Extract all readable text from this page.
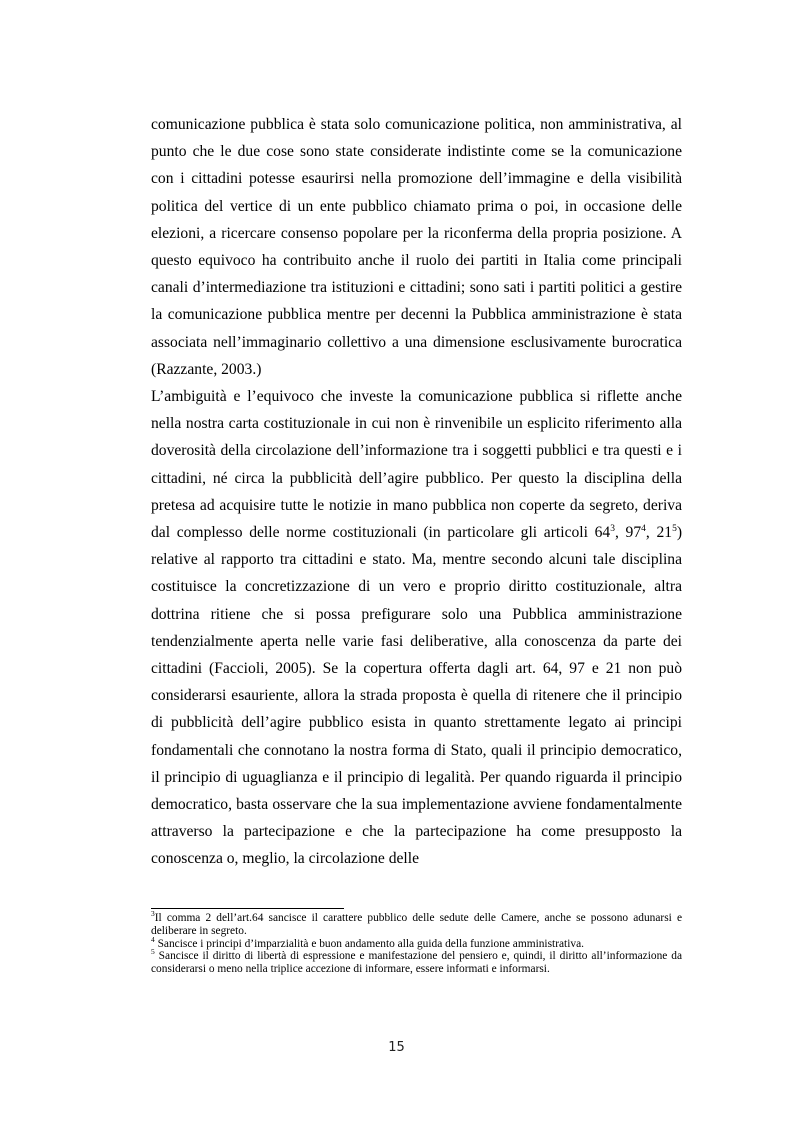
comunicazione pubblica è stata solo comunicazione politica, non amministrativa, al punto che le due cose sono state considerate indistinte come se la comunicazione con i cittadini potesse esaurirsi nella promozione dell’immagine e della visibilità politica del vertice di un ente pubblico chiamato prima o poi, in occasione delle elezioni, a ricercare consenso popolare per la riconferma della propria posizione. A questo equivoco ha contribuito anche il ruolo dei partiti in Italia come principali canali d’intermediazione tra istituzioni e cittadini; sono sati i partiti politici a gestire la comunicazione pubblica mentre per decenni la Pubblica amministrazione è stata associata nell’immaginario collettivo a una dimensione esclusivamente burocratica (Razzante, 2003.)

L’ambiguità e l’equivoco che investe la comunicazione pubblica si riflette anche nella nostra carta costituzionale in cui non è rinvenibile un esplicito riferimento alla doverosità della circolazione dell’informazione tra i soggetti pubblici e tra questi e i cittadini, né circa la pubblicità dell’agire pubblico. Per questo la disciplina della pretesa ad acquisire tutte le notizie in mano pubblica non coperte da segreto, deriva dal complesso delle norme costituzionali (in particolare gli articoli 64$^3$, 97$^4$, 21$^5$) relative al rapporto tra cittadini e stato. Ma, mentre secondo alcuni tale disciplina costituisce la concretizzazione di un vero e proprio diritto costituzionale, altra dottrina ritiene che si possa prefigurare solo una Pubblica amministrazione tendenzialmente aperta nelle varie fasi deliberative, alla conoscenza da parte dei cittadini (Faccioli, 2005). Se la copertura offerta dagli art. 64, 97 e 21 non può considerarsi esauriente, allora la strada proposta è quella di ritenere che il principio di pubblicità dell’agire pubblico esista in quanto strettamente legato ai principi fondamentali che connotano la nostra forma di Stato, quali il principio democratico, il principio di uguaglianza e il principio di legalità. Per quando riguarda il principio democratico, basta osservare che la sua implementazione avviene fondamentalmente attraverso la partecipazione e che la partecipazione ha come presupposto la conoscenza o, meglio, la circolazione delle

$^3$Il comma 2 dell’art.64 sancisce il carattere pubblico delle sedute delle Camere, anche se possono adunarsi e deliberare in segreto.

$^4$ Sancisce i principi d’imparzialità e buon andamento alla guida della funzione amministrativa.

$^5$ Sancisce il diritto di libertà di espressione e manifestazione del pensiero e, quindi, il diritto all’informazione da considerarsi o meno nella triplice accezione di informare, essere informati e informarsi.

15
